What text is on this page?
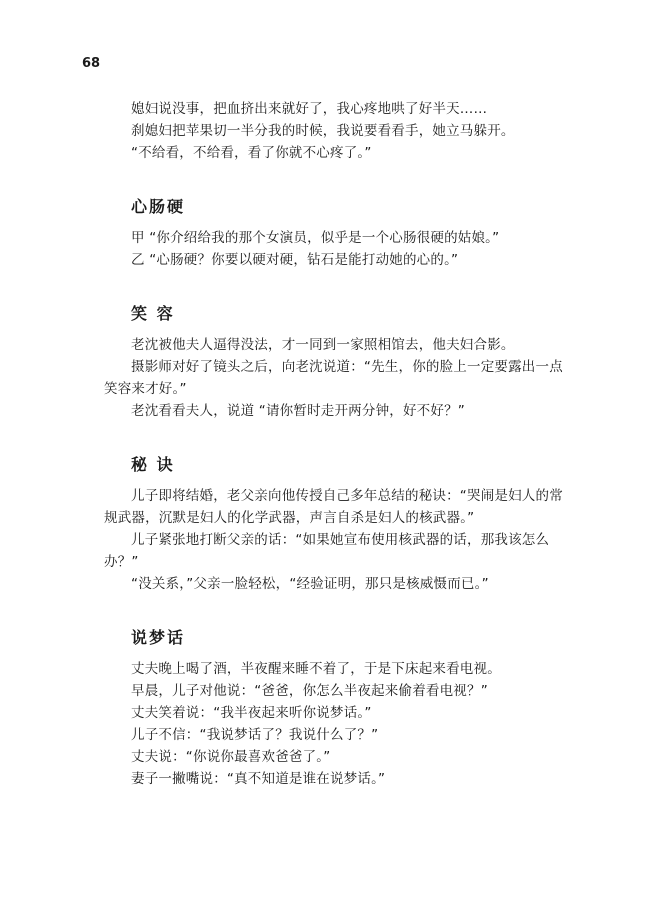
68

媳妇说没事，把血挤出来就好了，我心疼地哄了好半天……

刹媳妇把苹果切一半分我的时候，我说要看看手，她立马躲开。

“不给看，不给看，看了你就不心疼了。”

心肠硬

甲 “你介绍给我的那个女演员，似乎是一个心肠很硬的姑娘。”

乙 “心肠硬？你要以硬对硬，钻石是能打动她的心的。”

笑 容

老沈被他夫人逼得没法，才一同到一家照相馆去，他夫妇合影。

摄影师对好了镜头之后，向老沈说道：“先生，你的脸上一定要露出一点笑容来才好。”

老沈看看夫人，说道 “请你暂时走开两分钟，好不好？”

秘 诀

儿子即将结婚，老父亲向他传授自己多年总结的秘诀：“哭闹是妇人的常规武器，沉默是妇人的化学武器，声言自杀是妇人的核武器。”

儿子紧张地打断父亲的话：“如果她宣布使用核武器的话，那我该怎么办？”

“没关系，”父亲一脸轻松，“经验证明，那只是核威慑而已。”

说梦话

丈夫晚上喝了酒，半夜醒来睡不着了，于是下床起来看电视。

早晨，儿子对他说：“爸爸，你怎么半夜起来偷着看电视？”

丈夫笑着说：“我半夜起来听你说梦话。”

儿子不信：“我说梦话了？我说什么了？”

丈夫说：“你说你最喜欢爸爸了。”

妻子一撇嘴说：“真不知道是谁在说梦话。”
